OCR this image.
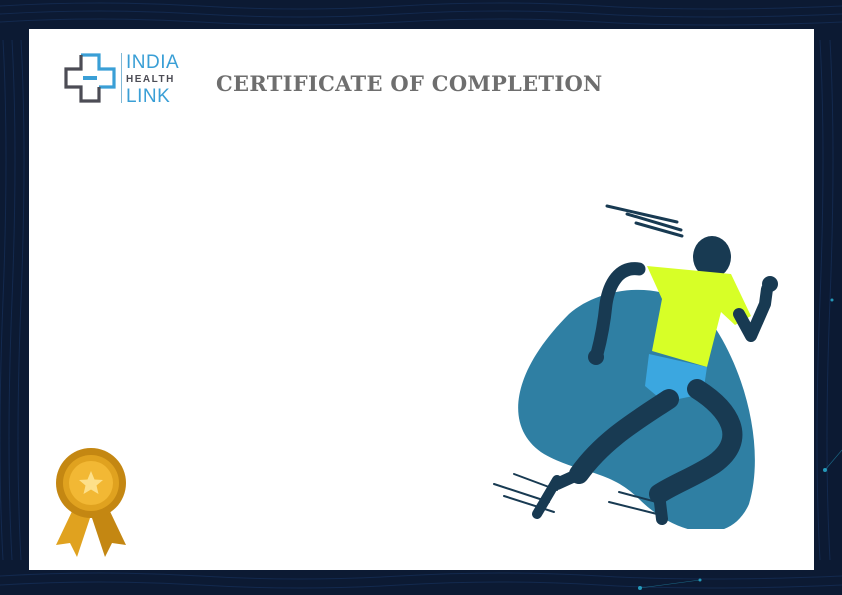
INDIA
HEALTH
LINK
CERTIFICATE OF COMPLETION
